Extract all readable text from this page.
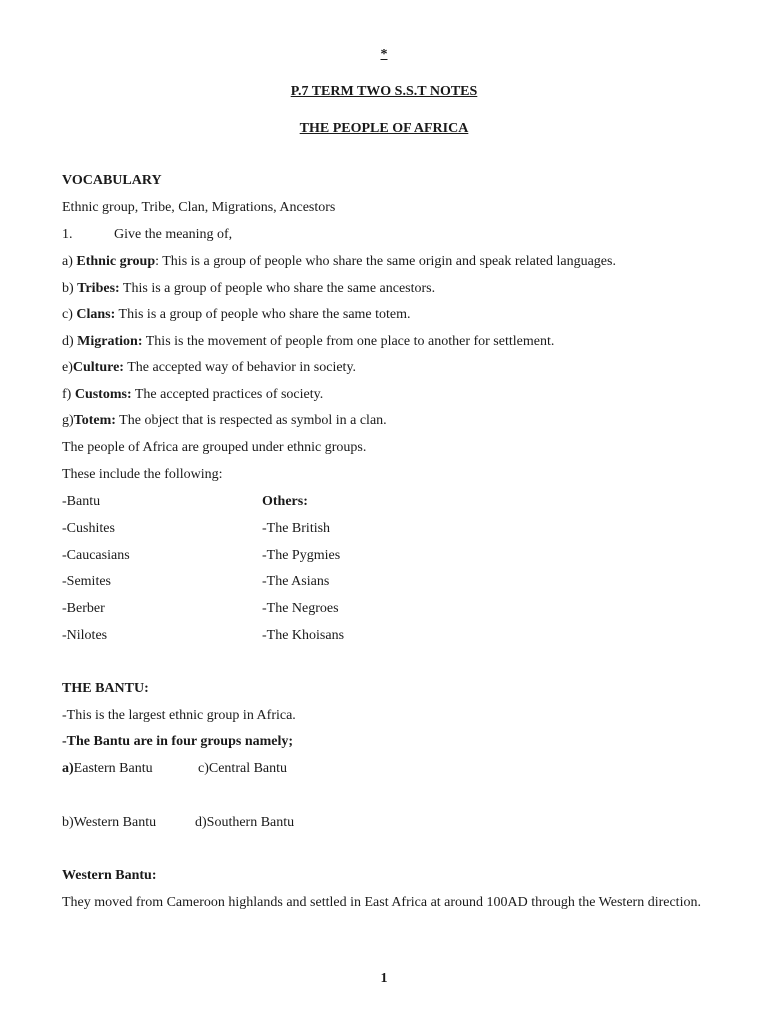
*
P.7 TERM TWO S.S.T NOTES
THE PEOPLE OF AFRICA
VOCABULARY
Ethnic group, Tribe, Clan, Migrations, Ancestors
1.	Give the meaning of,
a) Ethnic group: This is a group of people who share the same origin and speak related languages.
b) Tribes: This is a group of people who share the same ancestors.
c) Clans: This is a group of people who share the same totem.
d) Migration: This is the movement of people from one place to another for settlement.
e)Culture: The accepted way of behavior in society.
f) Customs: The accepted practices of society.
g)Totem: The object that is respected as symbol in a clan.
The people of Africa are grouped under ethnic groups.
These include the following:
-Bantu	Others:
-Cushites	-The British
-Caucasians	-The Pygmies
-Semites	-The Asians
-Berber	-The Negroes
-Nilotes	-The Khoisans
THE BANTU:
-This is the largest ethnic group in Africa.
-The Bantu are in four groups namely;
a)Eastern Bantu	c)Central Bantu
b)Western Bantu	d)Southern Bantu
Western Bantu:
They moved from Cameroon highlands and settled in East Africa at around 100AD through the Western direction.
1
